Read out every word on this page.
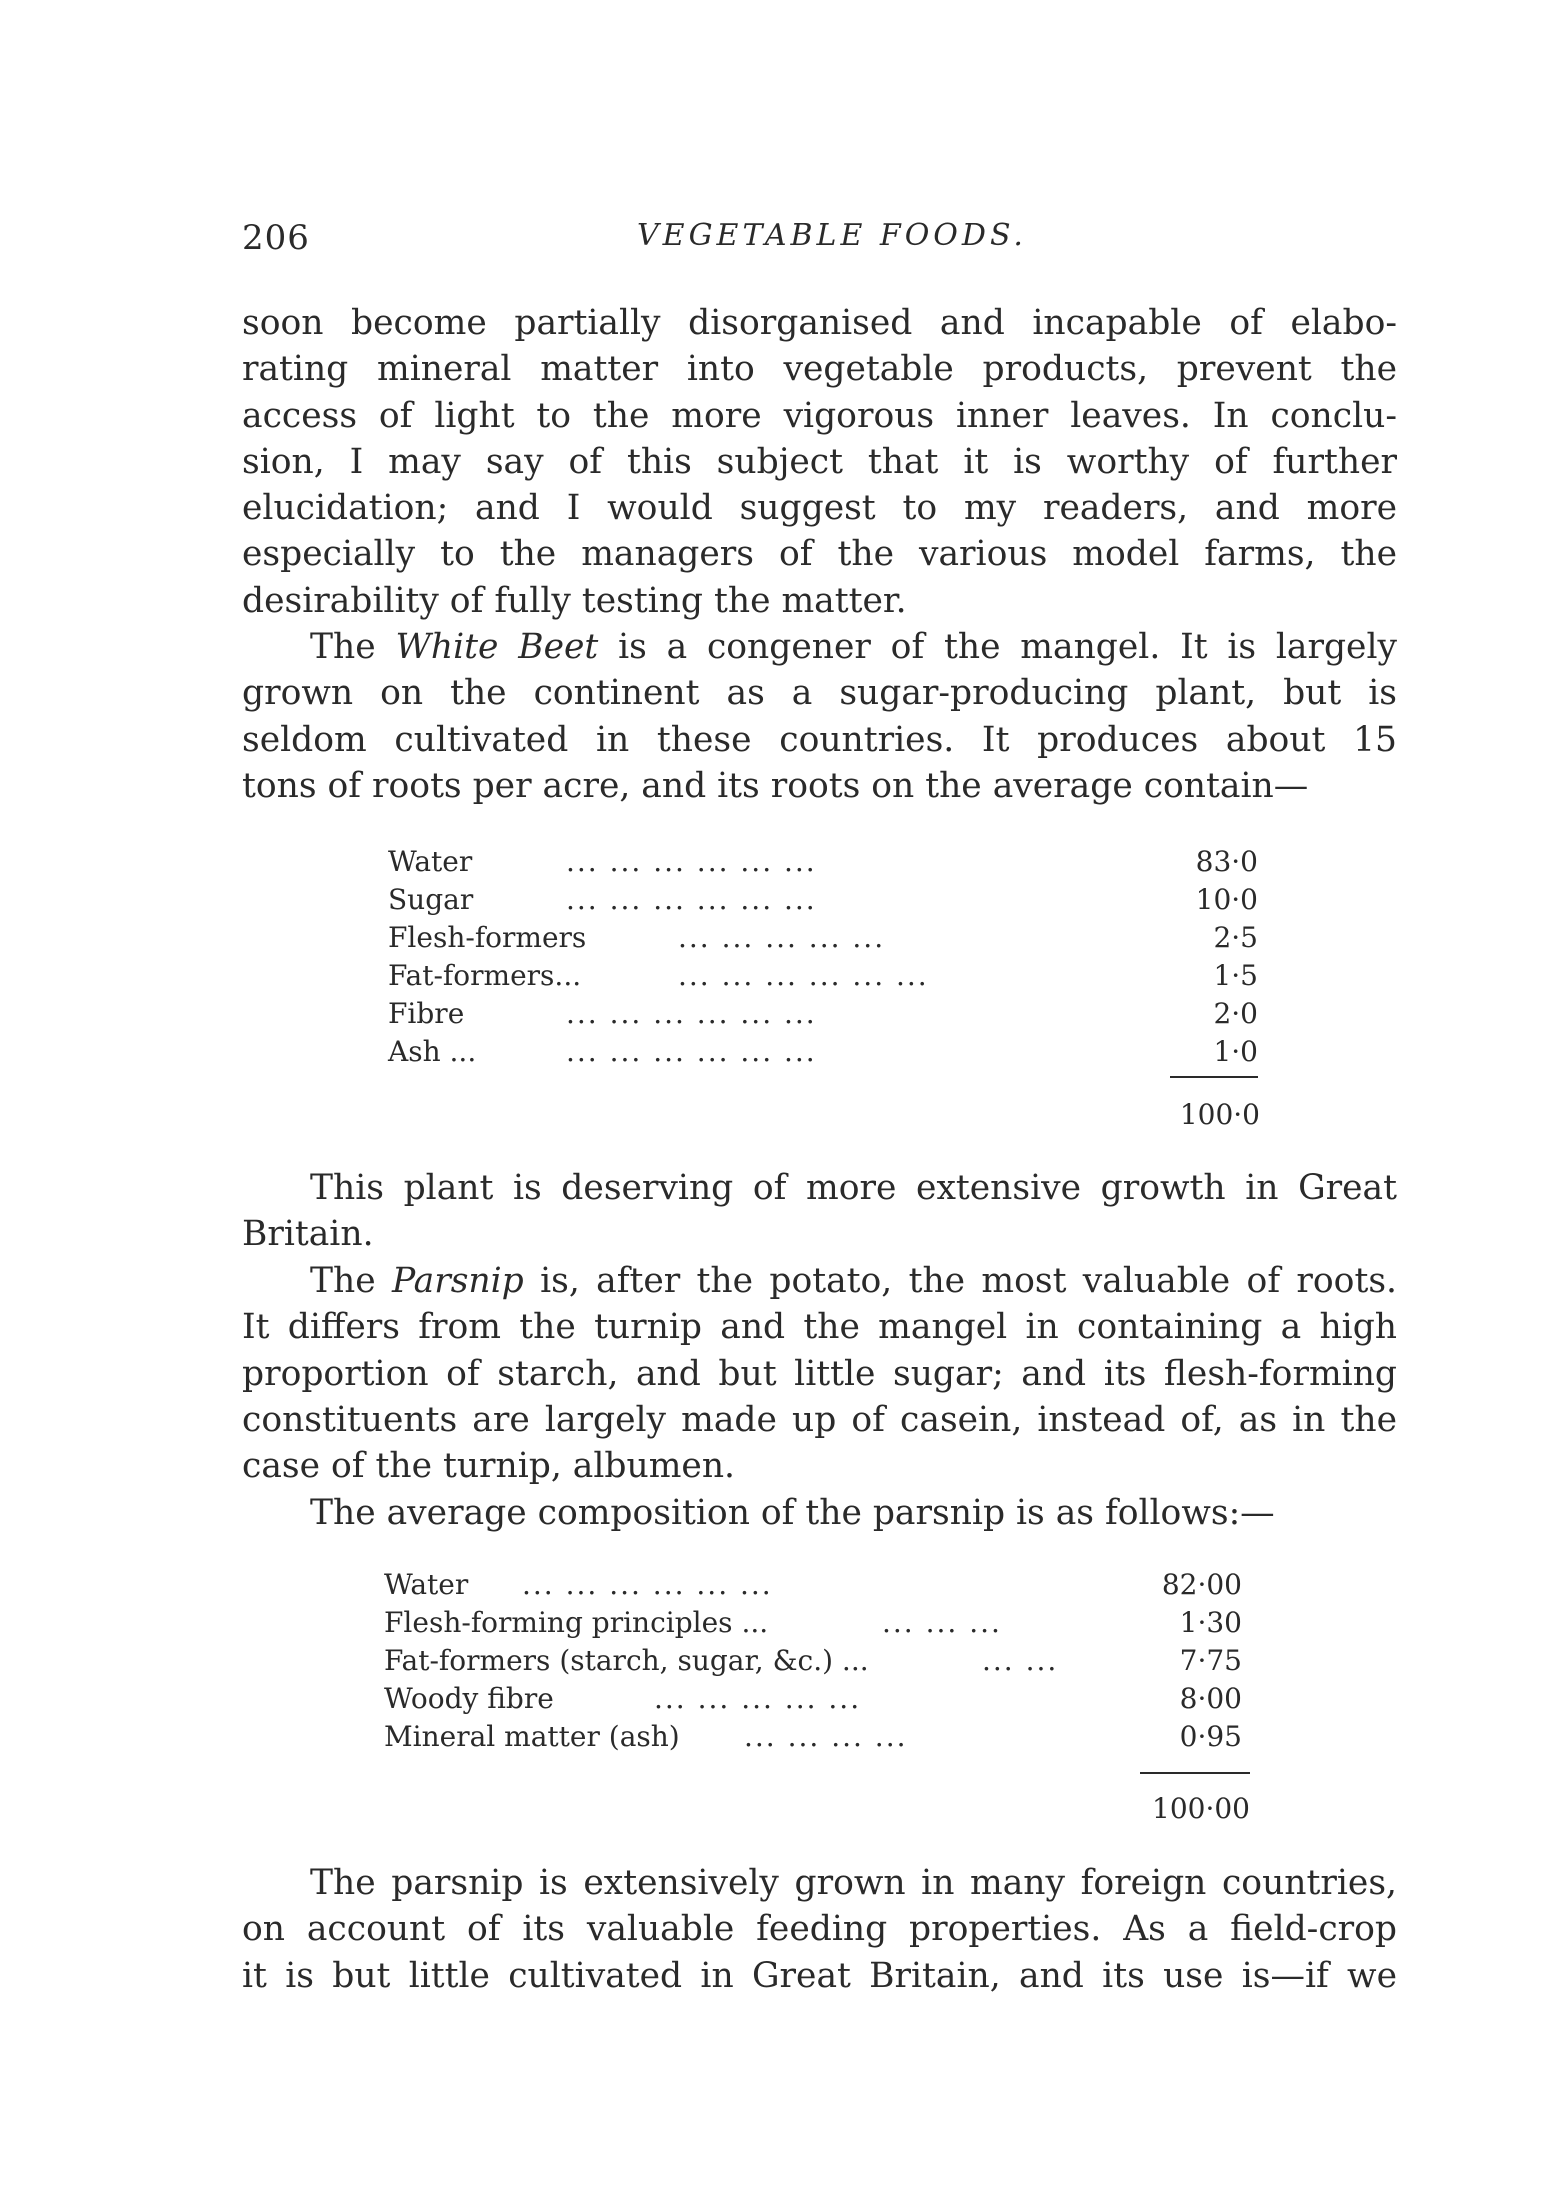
206	VEGETABLE FOODS.
soon become partially disorganised and incapable of elabo-
rating mineral matter into vegetable products, prevent the
access of light to the more vigorous inner leaves. In conclu-
sion, I may say of this subject that it is worthy of further
elucidation; and I would suggest to my readers, and more
especially to the managers of the various model farms, the
desirability of fully testing the matter.
The White Beet is a congener of the mangel. It is largely
grown on the continent as a sugar-producing plant, but is
seldom cultivated in these countries. It produces about 15
tons of roots per acre, and its roots on the average contain—
Water	... ... ... ... ... ...	83·0
Sugar	... ... ... ... ... ...	10·0
Flesh-formers	... ... ... ... ...	2·5
Fat-formers...	... ... ... ... ... ...	1·5
Fibre	... ... ... ... ... ...	2·0
Ash ...	... ... ... ... ... ...	1·0
100·0
This plant is deserving of more extensive growth in Great
Britain.
The Parsnip is, after the potato, the most valuable of roots.
It differs from the turnip and the mangel in containing a high
proportion of starch, and but little sugar; and its flesh-forming
constituents are largely made up of casein, instead of, as in the
case of the turnip, albumen.
The average composition of the parsnip is as follows:—
Water ... ... ... ... ... ...	82·00
Flesh-forming principles ...	... ... ...	1·30
Fat-formers (starch, sugar, &c.) ...	... ...	7·75
Woody fibre	... ... ... ... ...	8·00
Mineral matter (ash) ... ... ... ...	0·95
100·00
The parsnip is extensively grown in many foreign countries,
on account of its valuable feeding properties. As a field-crop
it is but little cultivated in Great Britain, and its use is—if we
